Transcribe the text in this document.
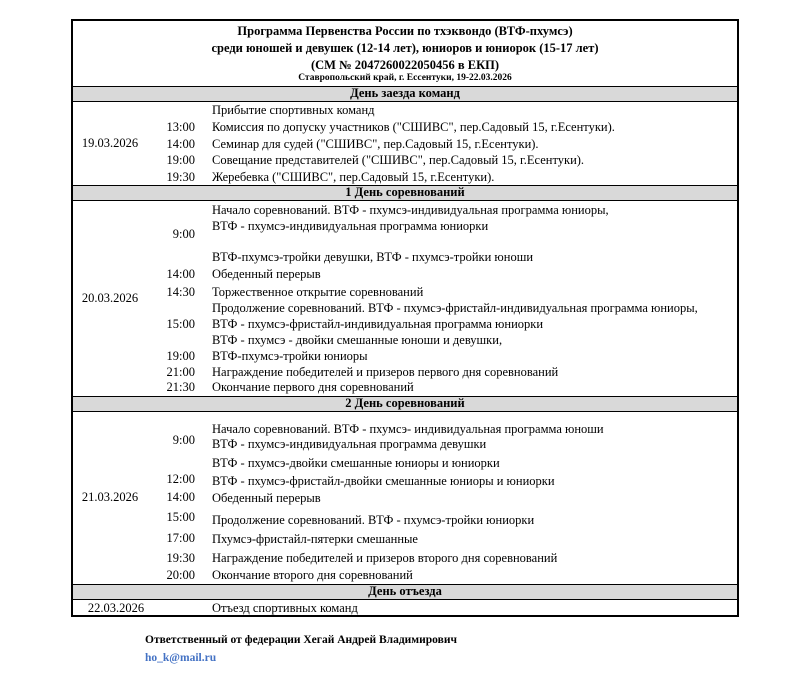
Программа Первенства России по тхэквондо (ВТФ-пхумсэ)
среди юношей и девушек (12-14 лет), юниоров и юниорок (15-17 лет)
(СМ № 2047260022050456 в ЕКП)
Ставропольский край, г. Ессентуки, 19-22.03.2026
День заезда команд
19.03.2026
Прибытие спортивных команд
13:00 Комиссия по допуску участников ("СШИВС", пер.Садовый 15, г.Есентуки).
14:00 Семинар для судей ("СШИВС", пер.Садовый 15, г.Есентуки).
19:00 Совещание представителей ("СШИВС", пер.Садовый 15, г.Есентуки).
19:30 Жеребевка ("СШИВС", пер.Садовый 15, г.Есентуки).
1 День соревнований
20.03.2026
Начало соревнований. ВТФ - пхумсэ-индивидуальная программа юниоры,
ВТФ - пхумсэ-индивидуальная программа юниорки
9:00
ВТФ-пхумсэ-тройки девушки, ВТФ - пхумсэ-тройки юноши
14:00 Обеденный перерыв
14:30 Торжественное открытие соревнований
Продолжение соревнований. ВТФ - пхумсэ-фристайл-индивидуальная программа юниоры,
15:00 ВТФ - пхумсэ-фристайл-индивидуальная программа юниорки
ВТФ - пхумсэ - двойки смешанные юноши и девушки,
19:00 ВТФ-пхумсэ-тройки юниоры
21:00 Награждение победителей и призеров первого дня соревнований
21:30 Окончание первого дня соревнований
2 День соревнований
21.03.2026
Начало соревнований. ВТФ - пхумсэ- индивидуальная программа юноши
9:00 ВТФ - пхумсэ-индивидуальная программа девушки
ВТФ - пхумсэ-двойки смешанные юниоры и юниорки
12:00 ВТФ - пхумсэ-фристайл-двойки смешанные юниоры и юниорки
14:00 Обеденный перерыв
15:00 Продолжение соревнований. ВТФ - пхумсэ-тройки юниорки
17:00 Пхумсэ-фристайл-пятерки смешанные
19:30 Награждение победителей и призеров второго дня соревнований
20:00 Окончание второго дня соревнований
День отъезда
22.03.2026	Отъезд спортивных команд
Ответственный от федерации Хегай Андрей Владимирович
ho_k@mail.ru
